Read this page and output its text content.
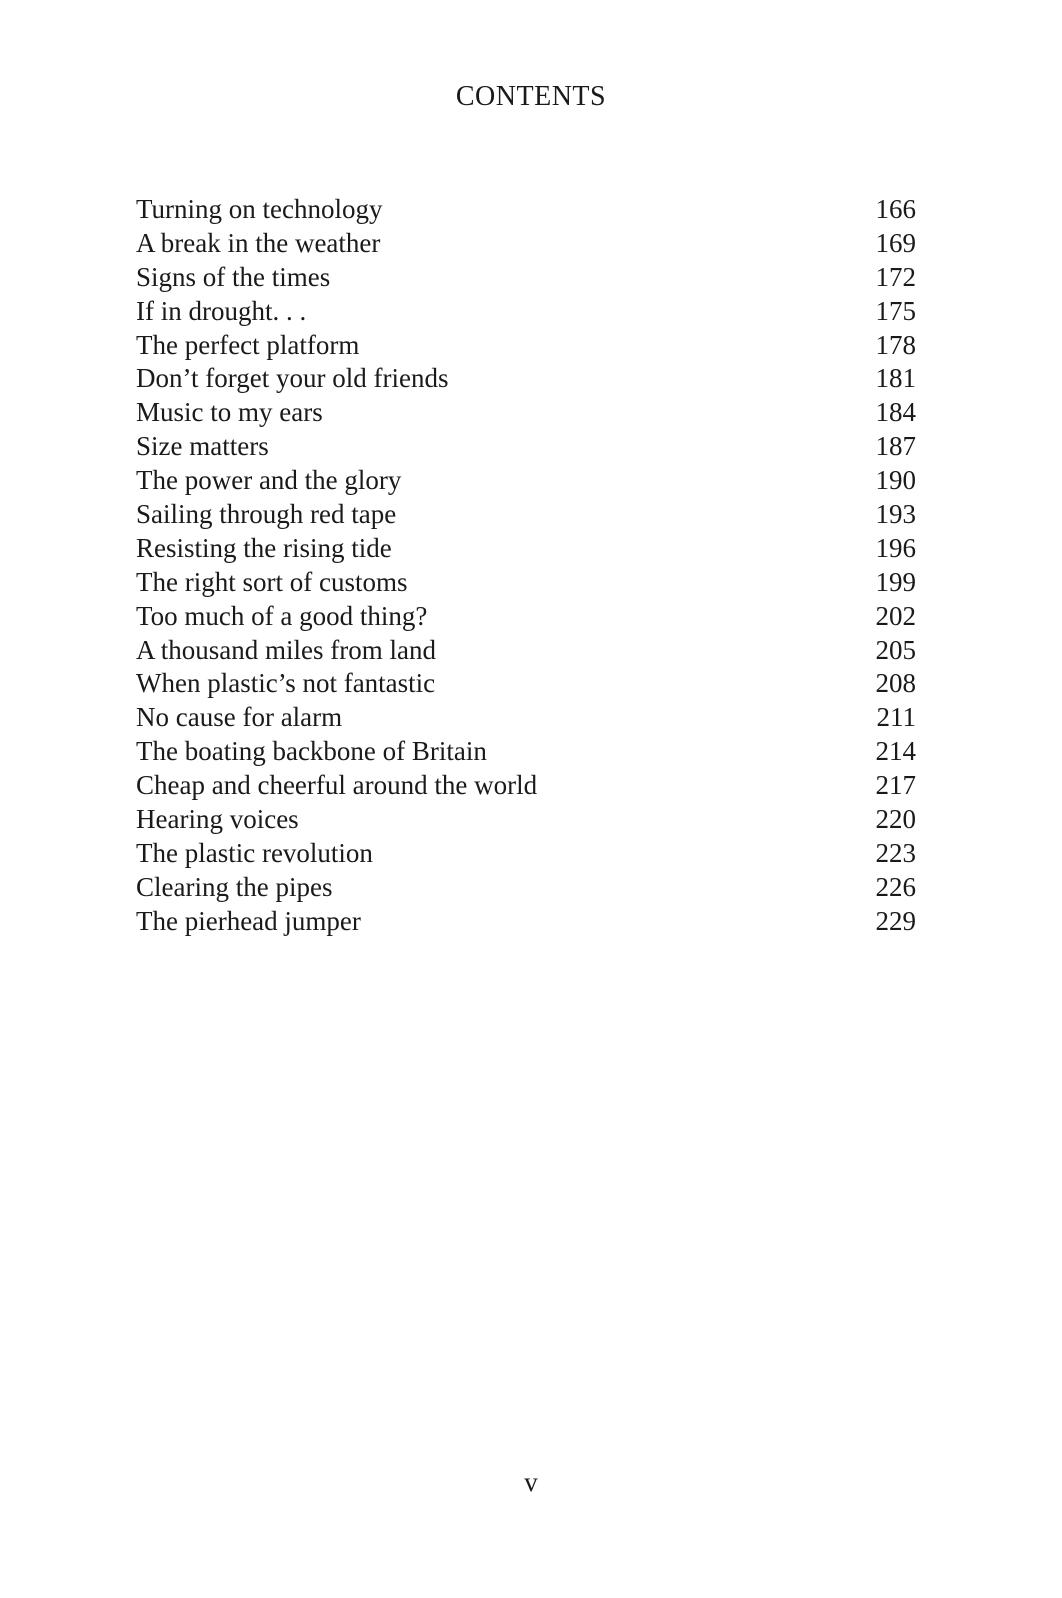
CONTENTS
Turning on technology	166
A break in the weather	169
Signs of the times	172
If in drought. . .	175
The perfect platform	178
Don’t forget your old friends	181
Music to my ears	184
Size matters	187
The power and the glory	190
Sailing through red tape	193
Resisting the rising tide	196
The right sort of customs	199
Too much of a good thing?	202
A thousand miles from land	205
When plastic’s not fantastic	208
No cause for alarm	211
The boating backbone of Britain	214
Cheap and cheerful around the world	217
Hearing voices	220
The plastic revolution	223
Clearing the pipes	226
The pierhead jumper	229
v
